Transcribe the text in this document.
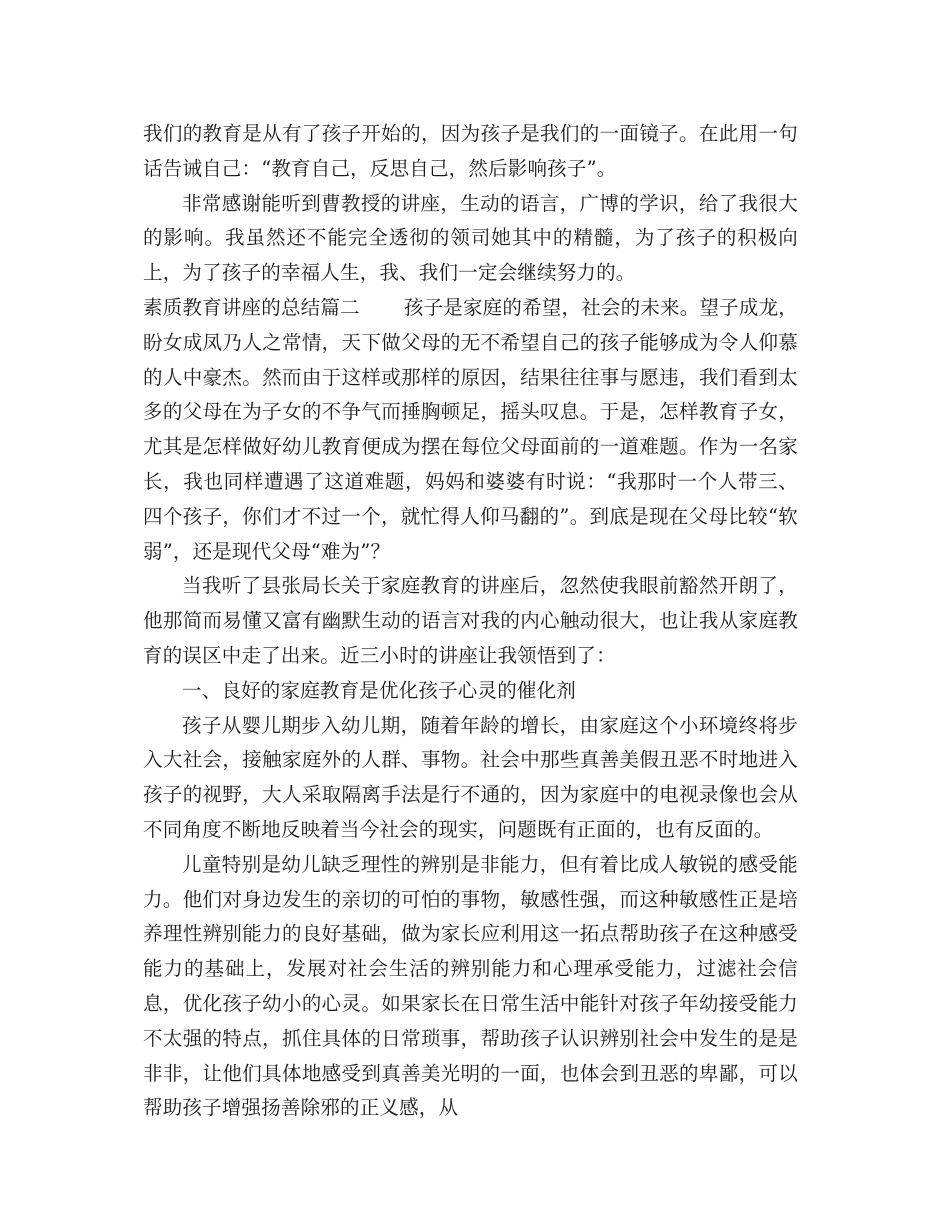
我们的教育是从有了孩子开始的，因为孩子是我们的一面镜子。在此用一句话告诫自己：“教育自己，反思自己，然后影响孩子”。

非常感谢能听到曹教授的讲座，生动的语言，广博的学识，给了我很大的影响。我虽然还不能完全透彻的领司她其中的精髓，为了孩子的积极向上，为了孩子的幸福人生，我、我们一定会继续努力的。

素质教育讲座的总结篇二 孩子是家庭的希望，社会的未来。望子成龙，盼女成凤乃人之常情，天下做父母的无不希望自己的孩子能够成为令人仰慕的人中豪杰。然而由于这样或那样的原因，结果往往事与愿违，我们看到太多的父母在为子女的不争气而捶胸顿足，摇头叹息。于是，怎样教育子女，尤其是怎样做好幼儿教育便成为摆在每位父母面前的一道难题。作为一名家长，我也同样遭遇了这道难题，妈妈和婆婆有时说：“我那时一个人带三、四个孩子，你们才不过一个，就忙得人仰马翻的”。到底是现在父母比较“软弱”，还是现代父母“难为”？

当我听了县张局长关于家庭教育的讲座后，忽然使我眼前豁然开朗了，他那简而易懂又富有幽默生动的语言对我的内心触动很大，也让我从家庭教育的误区中走了出来。近三小时的讲座让我领悟到了：

一、良好的家庭教育是优化孩子心灵的催化剂

孩子从婴儿期步入幼儿期，随着年龄的增长，由家庭这个小环境终将步入大社会，接触家庭外的人群、事物。社会中那些真善美假丑恶不时地进入孩子的视野，大人采取隔离手法是行不通的，因为家庭中的电视录像也会从不同角度不断地反映着当今社会的现实，问题既有正面的，也有反面的。

儿童特别是幼儿缺乏理性的辨别是非能力，但有着比成人敏锐的感受能力。他们对身边发生的亲切的可怕的事物，敏感性强，而这种敏感性正是培养理性辨别能力的良好基础，做为家长应利用这一拓点帮助孩子在这种感受能力的基础上，发展对社会生活的辨别能力和心理承受能力，过滤社会信息，优化孩子幼小的心灵。如果家长在日常生活中能针对孩子年幼接受能力不太强的特点，抓住具体的日常琐事，帮助孩子认识辨别社会中发生的是是非非，让他们具体地感受到真善美光明的一面，也体会到丑恶的卑鄙，可以帮助孩子增强扬善除邪的正义感，从
